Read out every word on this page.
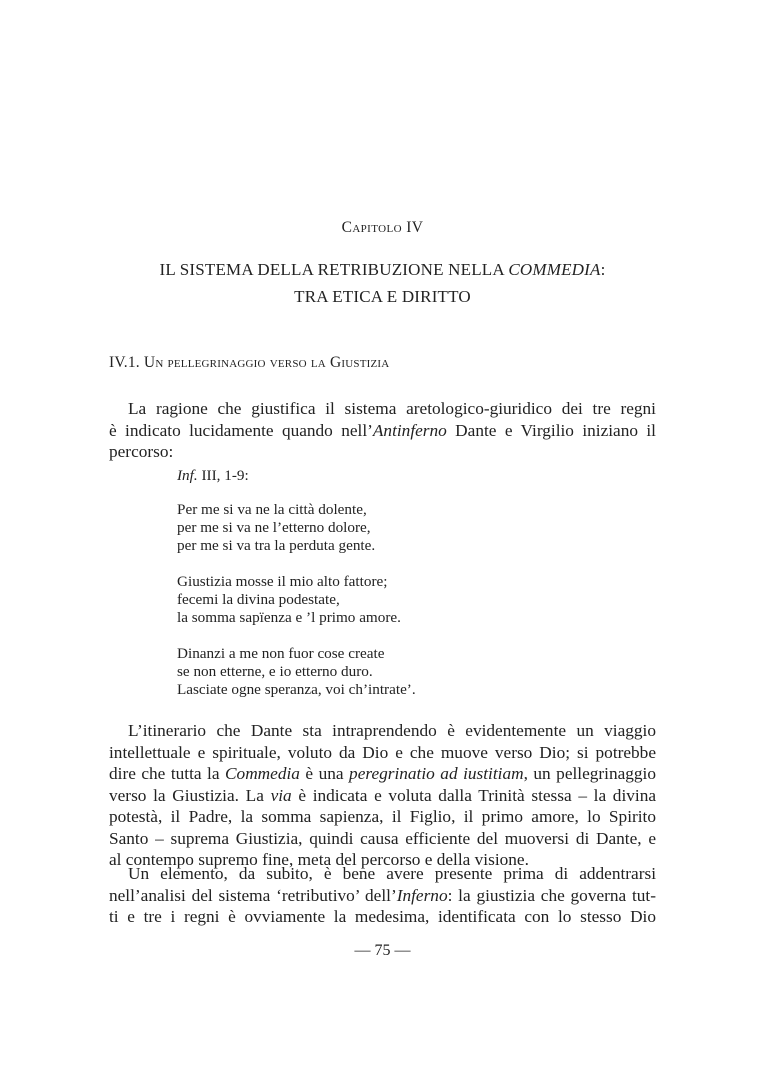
Capitolo IV
IL SISTEMA DELLA RETRIBUZIONE NELLA COMMEDIA:
TRA ETICA E DIRITTO
IV.1. Un pellegrinaggio verso la Giustizia
La ragione che giustifica il sistema aretologico-giuridico dei tre regni
è indicato lucidamente quando nell’Antinferno Dante e Virgilio iniziano il
percorso:
Inf. III, 1-9:
Per me si va ne la città dolente,
per me si va ne l’etterno dolore,
per me si va tra la perduta gente.
Giustizia mosse il mio alto fattore;
fecemi la divina podestate,
la somma sapïenza e ’l primo amore.
Dinanzi a me non fuor cose create
se non etterne, e io etterno duro.
Lasciate ogne speranza, voi ch’intrate’.
L’itinerario che Dante sta intraprendendo è evidentemente un viaggio
intellettuale e spirituale, voluto da Dio e che muove verso Dio; si potrebbe
dire che tutta la Commedia è una peregrinatio ad iustitiam, un pellegrinaggio
verso la Giustizia. La via è indicata e voluta dalla Trinità stessa – la divina
potestà, il Padre, la somma sapienza, il Figlio, il primo amore, lo Spirito
Santo – suprema Giustizia, quindi causa efficiente del muoversi di Dante, e
al contempo supremo fine, meta del percorso e della visione.
Un elemento, da subito, è bene avere presente prima di addentrarsi
nell’analisi del sistema ‘retributivo’ dell’Inferno: la giustizia che governa tut-
ti e tre i regni è ovviamente la medesima, identificata con lo stesso Dio
— 75 —
